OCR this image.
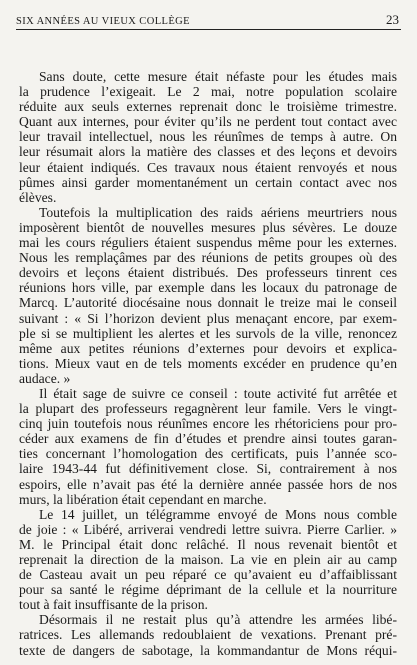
SIX ANNÉES AU VIEUX COLLÈGE	23
Sans doute, cette mesure était néfaste pour les études mais
la prudence l’exigeait. Le 2 mai, notre population scolaire
réduite aux seuls externes reprenait donc le troisième trimestre.
Quant aux internes, pour éviter qu’ils ne perdent tout contact avec
leur travail intellectuel, nous les réunîmes de temps à autre. On
leur résumait alors la matière des classes et des leçons et devoirs
leur étaient indiqués. Ces travaux nous étaient renvoyés et nous
pûmes ainsi garder momentanément un certain contact avec nos
élèves.
Toutefois la multiplication des raids aériens meurtriers nous
imposèrent bientôt de nouvelles mesures plus sévères. Le douze
mai les cours réguliers étaient suspendus même pour les externes.
Nous les remplaçâmes par des réunions de petits groupes où des
devoirs et leçons étaient distribués. Des professeurs tinrent ces
réunions hors ville, par exemple dans les locaux du patronage de
Marcq. L’autorité diocésaine nous donnait le treize mai le conseil
suivant : « Si l’horizon devient plus menaçant encore, par exem-
ple si se multiplient les alertes et les survols de la ville, renoncez
même aux petites réunions d’externes pour devoirs et explica-
tions. Mieux vaut en de tels moments excéder en prudence qu’en
audace. »
Il était sage de suivre ce conseil : toute activité fut arrêtée et
la plupart des professeurs regagnèrent leur famile. Vers le vingt-
cinq juin toutefois nous réunîmes encore les rhétoriciens pour pro-
céder aux examens de fin d’études et prendre ainsi toutes garan-
ties concernant l’homologation des certificats, puis l’année sco-
laire 1943-44 fut définitivement close. Si, contrairement à nos
espoirs, elle n’avait pas été la dernière année passée hors de nos
murs, la libération était cependant en marche.
Le 14 juillet, un télégramme envoyé de Mons nous comble
de joie : « Libéré, arriverai vendredi lettre suivra. Pierre Carlier. »
M. le Principal était donc relâché. Il nous revenait bientôt et
reprenait la direction de la maison. La vie en plein air au camp
de Casteau avait un peu réparé ce qu’avaient eu d’affaiblissant
pour sa santé le régime déprimant de la cellule et la nourriture
tout à fait insuffisante de la prison.
Désormais il ne restait plus qu’à attendre les armées libé-
ratrices. Les allemands redoublaient de vexations. Prenant pré-
texte de dangers de sabotage, la kommandantur de Mons réqui-
